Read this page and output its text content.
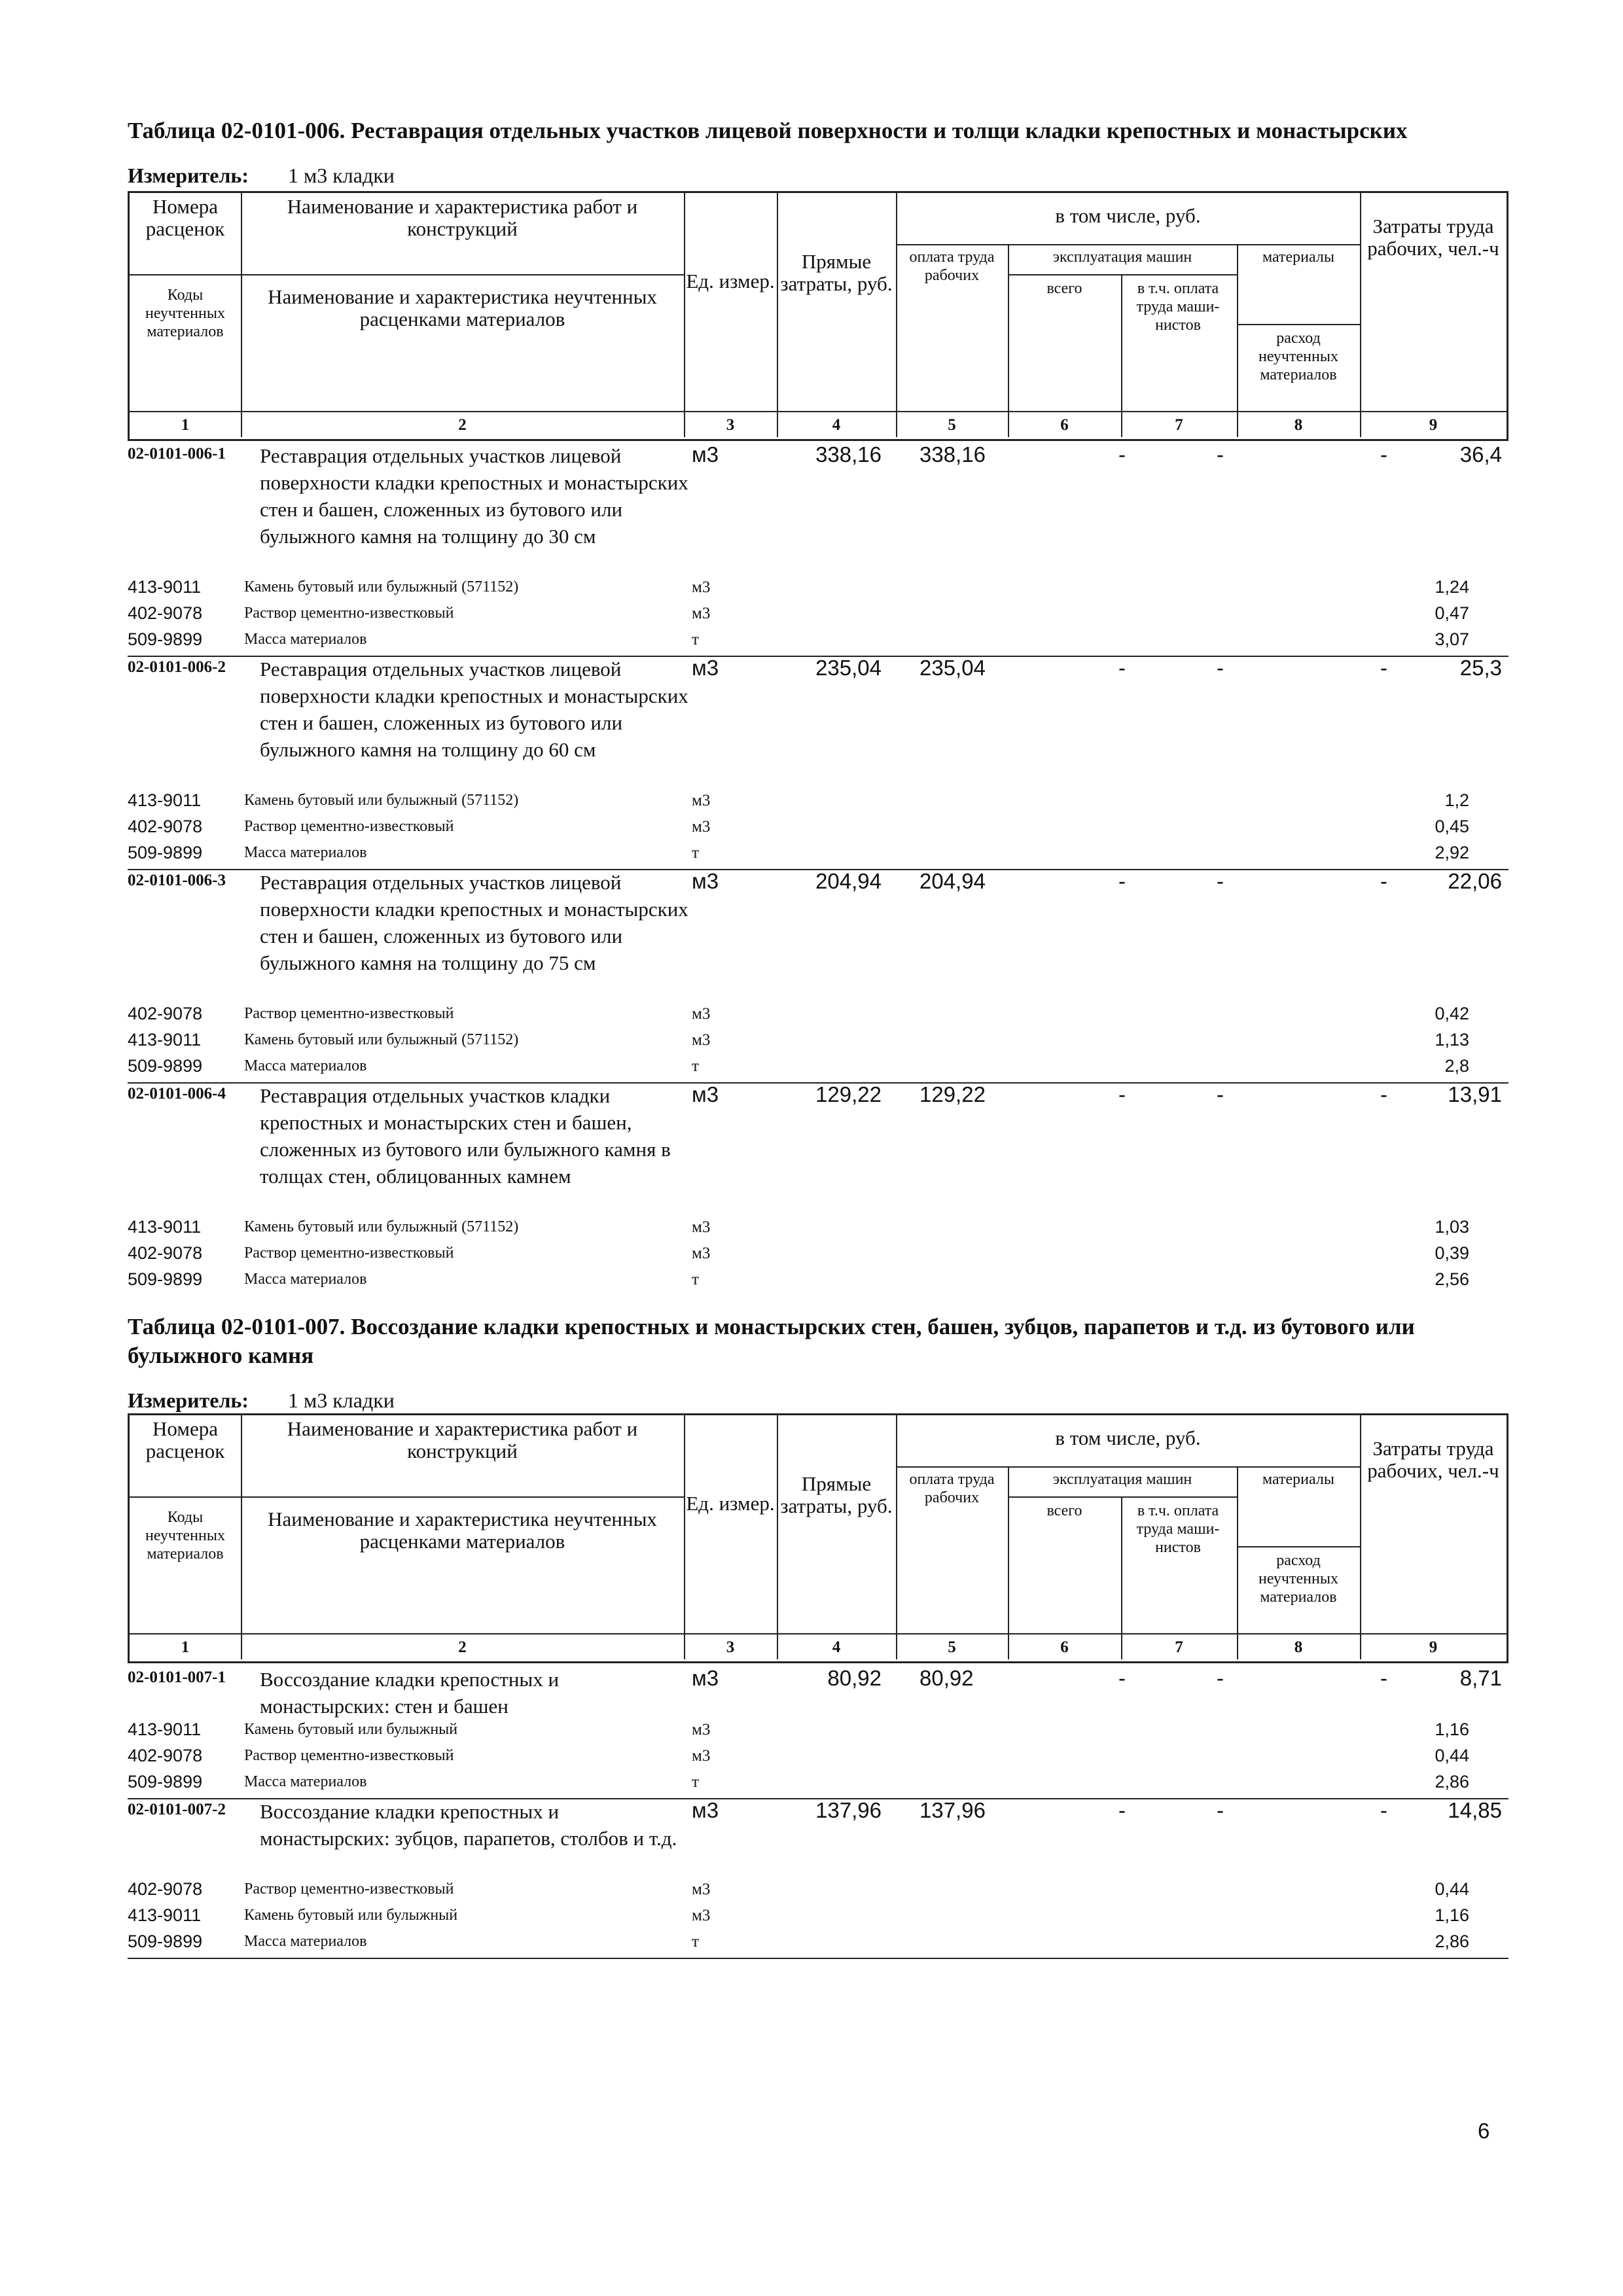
Таблица 02-0101-006. Реставрация отдельных участков лицевой поверхности и толщи кладки крепостных и монастырских
Измеритель: 1 м3 кладки
Номера расценок
Наименование и характеристика работ и конструкций
Коды неучтенных материалов
Наименование и характеристика неучтенных расценками материалов
Ед. измер.
Прямые затраты, руб.
в том числе, руб.
оплата труда рабочих
эксплуатация машин	материалы
всего	в т.ч. оплата труда маши-нистов
расход неучтенных материалов
Затраты труда рабочих, чел.-ч
1	2	3	4	5	6	7	8	9
02-0101-006-1 Реставрация отдельных участков лицевой поверхности кладки крепостных и монастырских стен и башен, сложенных из бутового или булыжного камня на толщину до 30 см
м3	338,16 338,16	-	-	-	36,4
413-9011	Камень бутовый или булыжный (571152)	м3	1,24
402-9078	Раствор цементно-известковый	м3	0,47
509-9899	Масса материалов	т	3,07
02-0101-006-2 Реставрация отдельных участков лицевой поверхности кладки крепостных и монастырских стен и башен, сложенных из бутового или булыжного камня на толщину до 60 см
м3	235,04 235,04	-	-	-	25,3
413-9011	Камень бутовый или булыжный (571152)	м3	1,2
402-9078	Раствор цементно-известковый	м3	0,45
509-9899	Масса материалов	т	2,92
02-0101-006-3 Реставрация отдельных участков лицевой поверхности кладки крепостных и монастырских стен и башен, сложенных из бутового или булыжного камня на толщину до 75 см
м3	204,94 204,94	-	-	-	22,06
402-9078	Раствор цементно-известковый	м3	0,42
413-9011	Камень бутовый или булыжный (571152)	м3	1,13
509-9899	Масса материалов	т	2,8
02-0101-006-4 Реставрация отдельных участков кладки крепостных и монастырских стен и башен, сложенных из бутового или булыжного камня в толщах стен, облицованных камнем
м3	129,22 129,22	-	-	-	13,91
413-9011	Камень бутовый или булыжный (571152)	м3	1,03
402-9078	Раствор цементно-известковый	м3	0,39
509-9899	Масса материалов	т	2,56
Таблица 02-0101-007. Воссоздание кладки крепостных и монастырских стен, башен, зубцов, парапетов и т.д. из бутового или булыжного камня
Измеритель: 1 м3 кладки
Номера расценок
Наименование и характеристика работ и конструкций
Коды неучтенных материалов
Наименование и характеристика неучтенных расценками материалов
Ед. измер.
Прямые затраты, руб.
в том числе, руб.
оплата труда рабочих
эксплуатация машин	материалы
всего	в т.ч. оплата труда маши-нистов
расход неучтенных материалов
Затраты труда рабочих, чел.-ч
1	2	3	4	5	6	7	8	9
02-0101-007-1 Воссоздание кладки крепостных и монастырских: стен и башен
м3	80,92 80,92	-	-	-	8,71
413-9011	Камень бутовый или булыжный	м3	1,16
402-9078	Раствор цементно-известковый	м3	0,44
509-9899	Масса материалов	т	2,86
02-0101-007-2 Воссоздание кладки крепостных и монастырских: зубцов, парапетов, столбов и т.д.
м3	137,96 137,96	-	-	-	14,85
402-9078	Раствор цементно-известковый	м3	0,44
413-9011	Камень бутовый или булыжный	м3	1,16
509-9899	Масса материалов	т	2,86
6
